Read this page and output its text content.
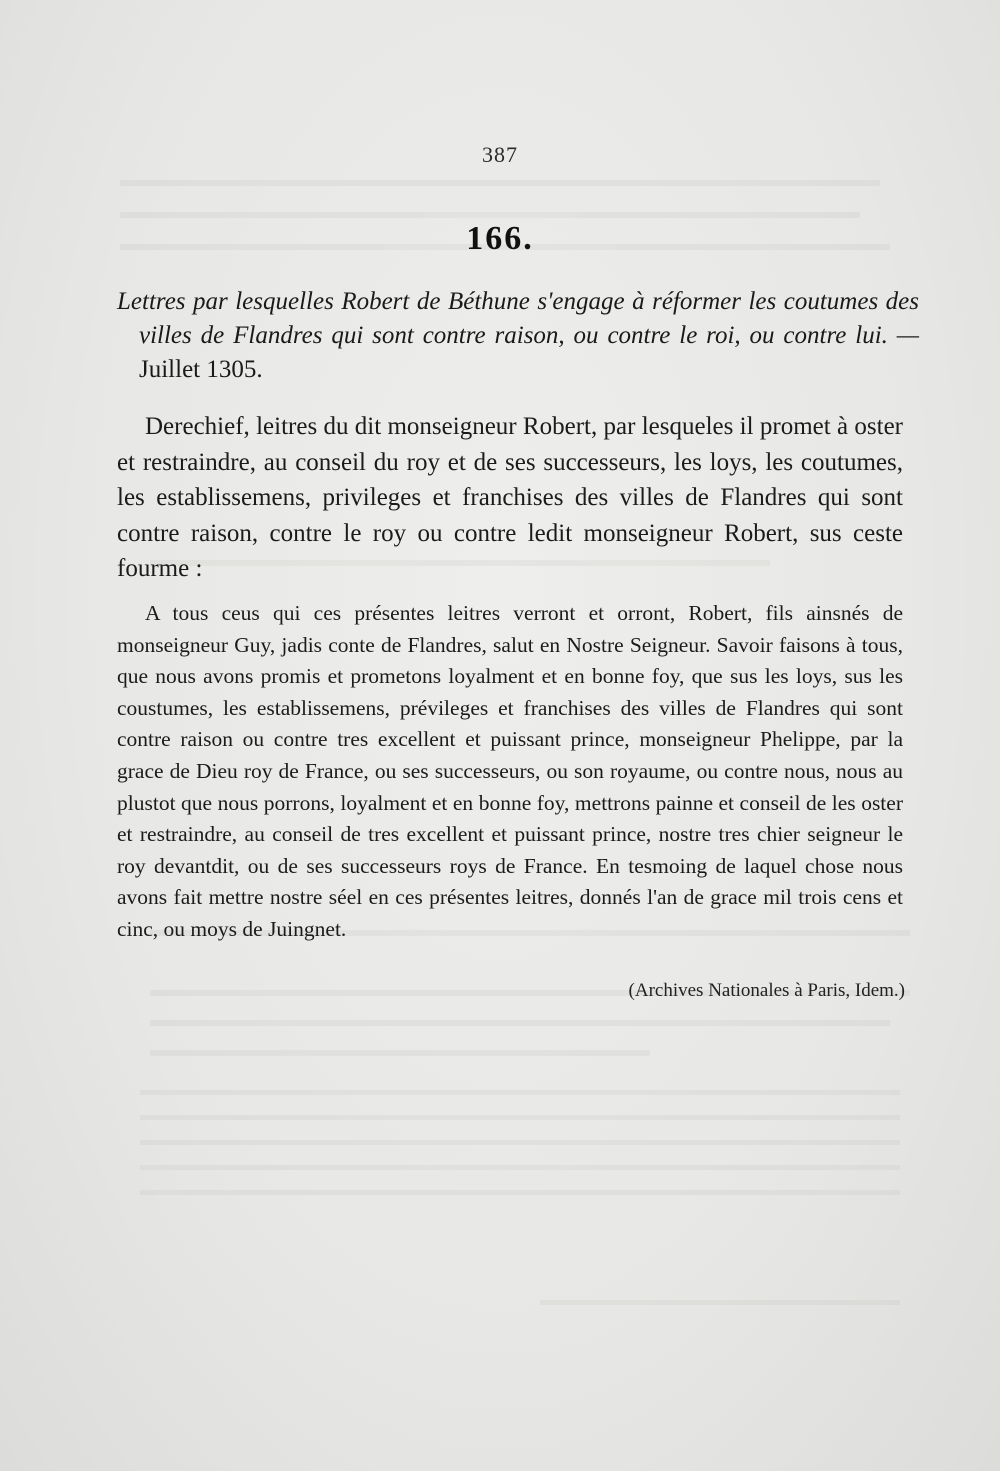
387
166.
Lettres par lesquelles Robert de Béthune s'engage à réformer les coutumes des villes de Flandres qui sont contre raison, ou contre le roi, ou contre lui. — Juillet 1305.
Derechief, leitres du dit monseigneur Robert, par lesqueles il promet à oster et restraindre, au conseil du roy et de ses successeurs, les loys, les coutumes, les establissemens, privileges et franchises des villes de Flandres qui sont contre raison, contre le roy ou contre ledit monseigneur Robert, sus ceste fourme :
A tous ceus qui ces présentes leitres verront et orront, Robert, fils ainsnés de monseigneur Guy, jadis conte de Flandres, salut en Nostre Seigneur. Savoir faisons à tous, que nous avons promis et prometons loyalment et en bonne foy, que sus les loys, sus les coustumes, les establissemens, prévileges et franchises des villes de Flandres qui sont contre raison ou contre tres excellent et puissant prince, monseigneur Phelippe, par la grace de Dieu roy de France, ou ses successeurs, ou son royaume, ou contre nous, nous au plustot que nous porrons, loyalment et en bonne foy, mettrons painne et conseil de les oster et restraindre, au conseil de tres excellent et puissant prince, nostre tres chier seigneur le roy devantdit, ou de ses successeurs roys de France. En tesmoing de laquel chose nous avons fait mettre nostre séel en ces présentes leitres, donnés l'an de grace mil trois cens et cinc, ou moys de Juingnet.
(Archives Nationales à Paris, Idem.)
